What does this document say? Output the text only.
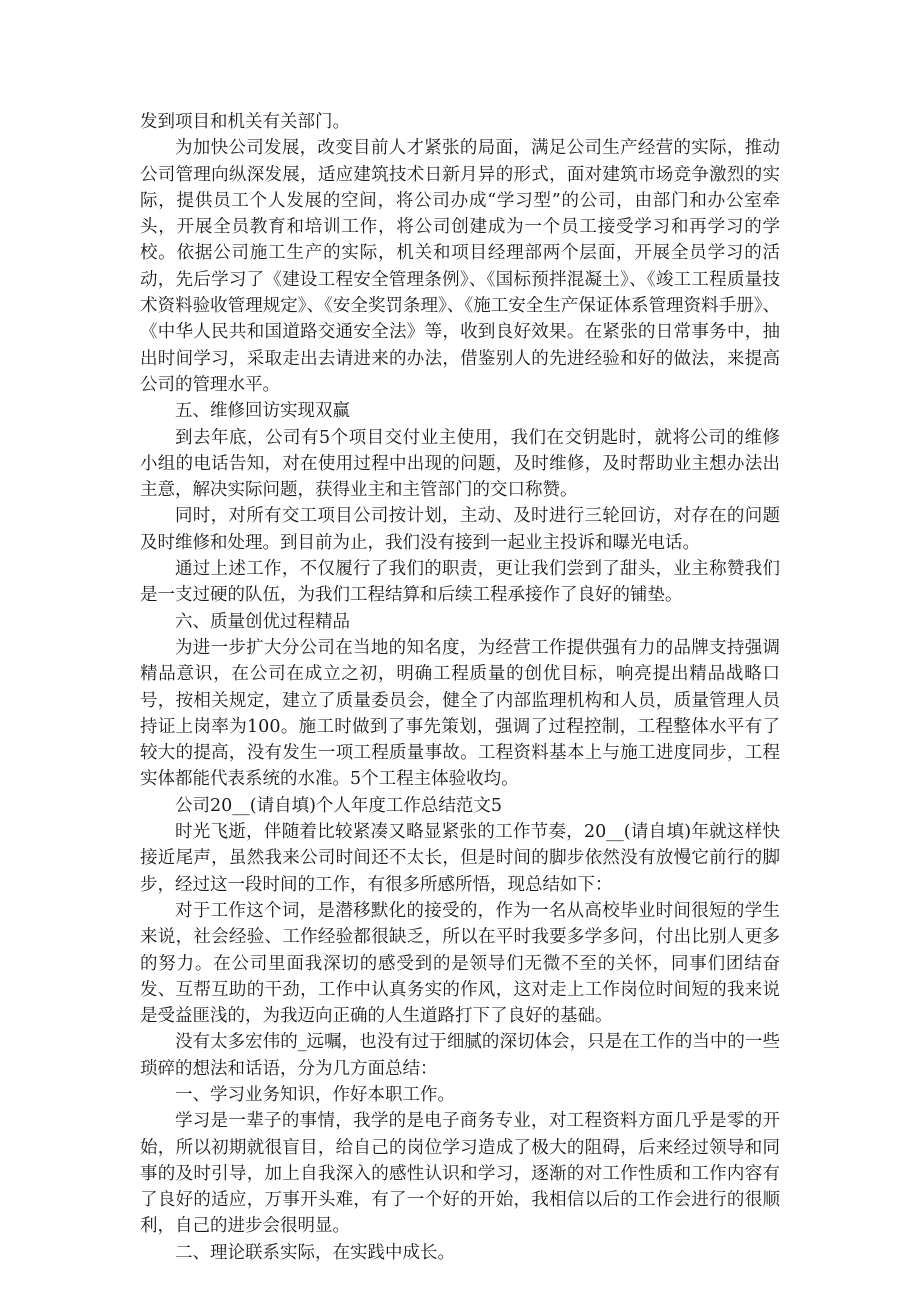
发到项目和机关有关部门。

为加快公司发展，改变目前人才紧张的局面，满足公司生产经营的实际，推动公司管理向纵深发展，适应建筑技术日新月异的形式，面对建筑市场竞争激烈的实际，提供员工个人发展的空间，将公司办成“学习型”的公司，由部门和办公室牵头，开展全员教育和培训工作，将公司创建成为一个员工接受学习和再学习的学校。依据公司施工生产的实际，机关和项目经理部两个层面，开展全员学习的活动，先后学习了《建设工程安全管理条例》、《国标预拌混凝土》、《竣工工程质量技术资料验收管理规定》、《安全奖罚条理》、《施工安全生产保证体系管理资料手册》、《中华人民共和国道路交通安全法》等，收到良好效果。在紧张的日常事务中，抽出时间学习，采取走出去请进来的办法，借鉴别人的先进经验和好的做法，来提高公司的管理水平。

五、维修回访实现双赢

到去年底，公司有5个项目交付业主使用，我们在交钥匙时，就将公司的维修小组的电话告知，对在使用过程中出现的问题，及时维修，及时帮助业主想办法出主意，解决实际问题，获得业主和主管部门的交口称赞。

同时，对所有交工项目公司按计划，主动、及时进行三轮回访，对存在的问题及时维修和处理。到目前为止，我们没有接到一起业主投诉和曝光电话。

通过上述工作，不仅履行了我们的职责，更让我们尝到了甜头，业主称赞我们是一支过硬的队伍，为我们工程结算和后续工程承接作了良好的铺垫。

六、质量创优过程精品

为进一步扩大分公司在当地的知名度，为经营工作提供强有力的品牌支持强调精品意识，在公司在成立之初，明确工程质量的创优目标，响亮提出精品战略口号，按相关规定，建立了质量委员会，健全了内部监理机构和人员，质量管理人员持证上岗率为100。施工时做到了事先策划，强调了过程控制，工程整体水平有了较大的提高，没有发生一项工程质量事故。工程资料基本上与施工进度同步，工程实体都能代表系统的水准。5个工程主体验收均。

公司20__(请自填)个人年度工作总结范文5

时光飞逝，伴随着比较紧凑又略显紧张的工作节奏，20__(请自填)年就这样快接近尾声，虽然我来公司时间还不太长，但是时间的脚步依然没有放慢它前行的脚步，经过这一段时间的工作，有很多所感所悟，现总结如下：

对于工作这个词，是潜移默化的接受的，作为一名从高校毕业时间很短的学生来说，社会经验、工作经验都很缺乏，所以在平时我要多学多问，付出比别人更多的努力。在公司里面我深切的感受到的是领导们无微不至的关怀，同事们团结奋发、互帮互助的干劲，工作中认真务实的作风，这对走上工作岗位时间短的我来说是受益匪浅的，为我迈向正确的人生道路打下了良好的基础。

没有太多宏伟的_远嘱，也没有过于细腻的深切体会，只是在工作的当中的一些琐碎的想法和话语，分为几方面总结：

一、学习业务知识，作好本职工作。

学习是一辈子的事情，我学的是电子商务专业，对工程资料方面几乎是零的开始，所以初期就很盲目，给自己的岗位学习造成了极大的阻碍，后来经过领导和同事的及时引导，加上自我深入的感性认识和学习，逐渐的对工作性质和工作内容有了良好的适应，万事开头难，有了一个好的开始，我相信以后的工作会进行的很顺利，自己的进步会很明显。

二、理论联系实际，在实践中成长。
